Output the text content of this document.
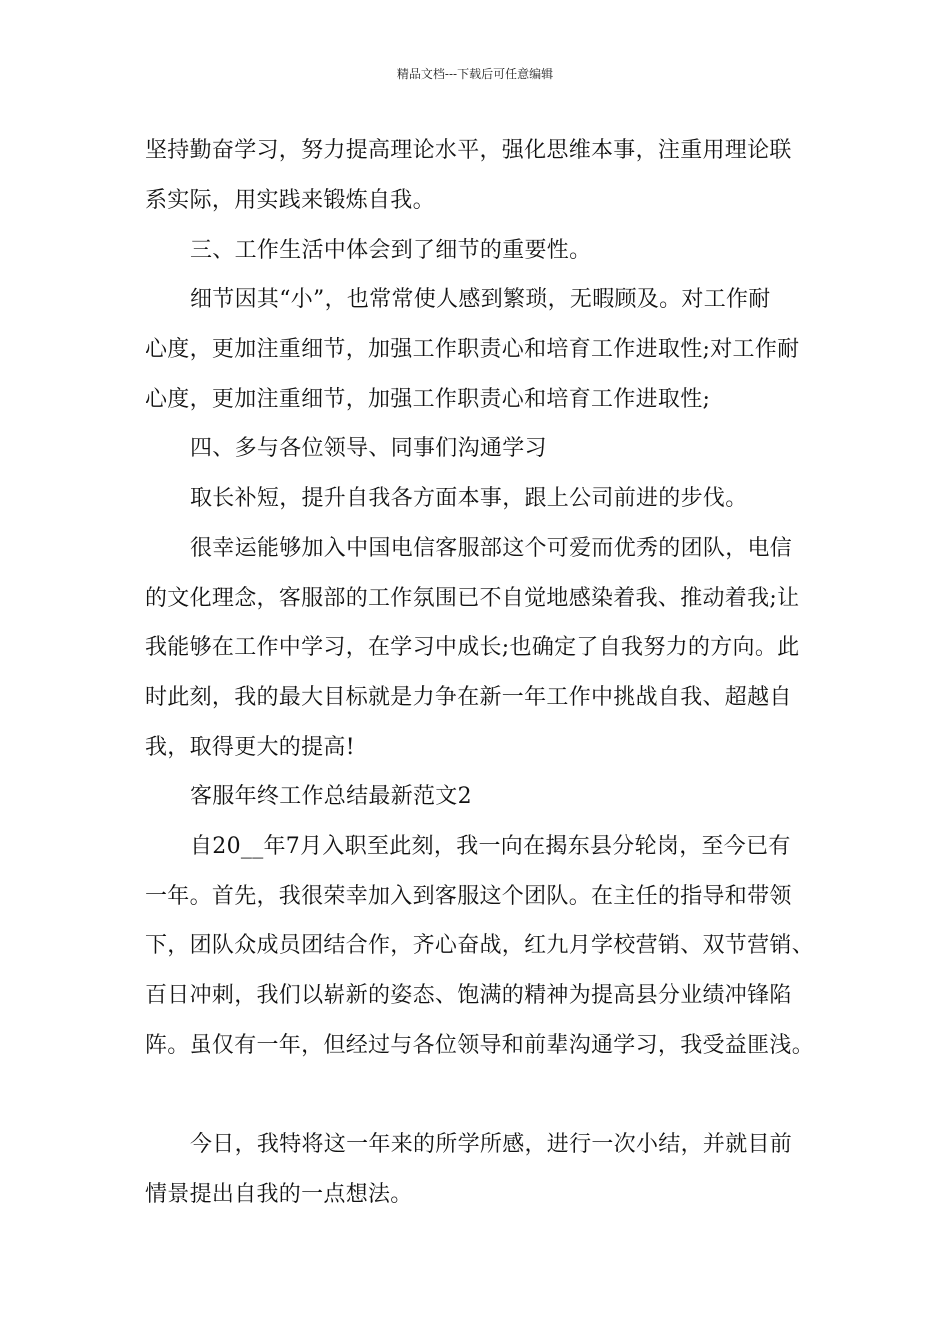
精品文档---下载后可任意编辑
坚持勤奋学习，努力提高理论水平，强化思维本事，注重用理论联
系实际，用实践来锻炼自我。
三、工作生活中体会到了细节的重要性。
细节因其“小”，也常常使人感到繁琐，无暇顾及。对工作耐
心度，更加注重细节，加强工作职责心和培育工作进取性;对工作耐
心度，更加注重细节，加强工作职责心和培育工作进取性;
四、多与各位领导、同事们沟通学习
取长补短，提升自我各方面本事，跟上公司前进的步伐。
很幸运能够加入中国电信客服部这个可爱而优秀的团队，电信
的文化理念，客服部的工作氛围已不自觉地感染着我、推动着我;让
我能够在工作中学习，在学习中成长;也确定了自我努力的方向。此
时此刻，我的最大目标就是力争在新一年工作中挑战自我、超越自
我，取得更大的提高!
客服年终工作总结最新范文2
自20__年7月入职至此刻，我一向在揭东县分轮岗，至今已有
一年。首先，我很荣幸加入到客服这个团队。在主任的指导和带领
下，团队众成员团结合作，齐心奋战，红九月学校营销、双节营销、
百日冲刺，我们以崭新的姿态、饱满的精神为提高县分业绩冲锋陷
阵。虽仅有一年，但经过与各位领导和前辈沟通学习，我受益匪浅。
今日，我特将这一年来的所学所感，进行一次小结，并就目前
情景提出自我的一点想法。
